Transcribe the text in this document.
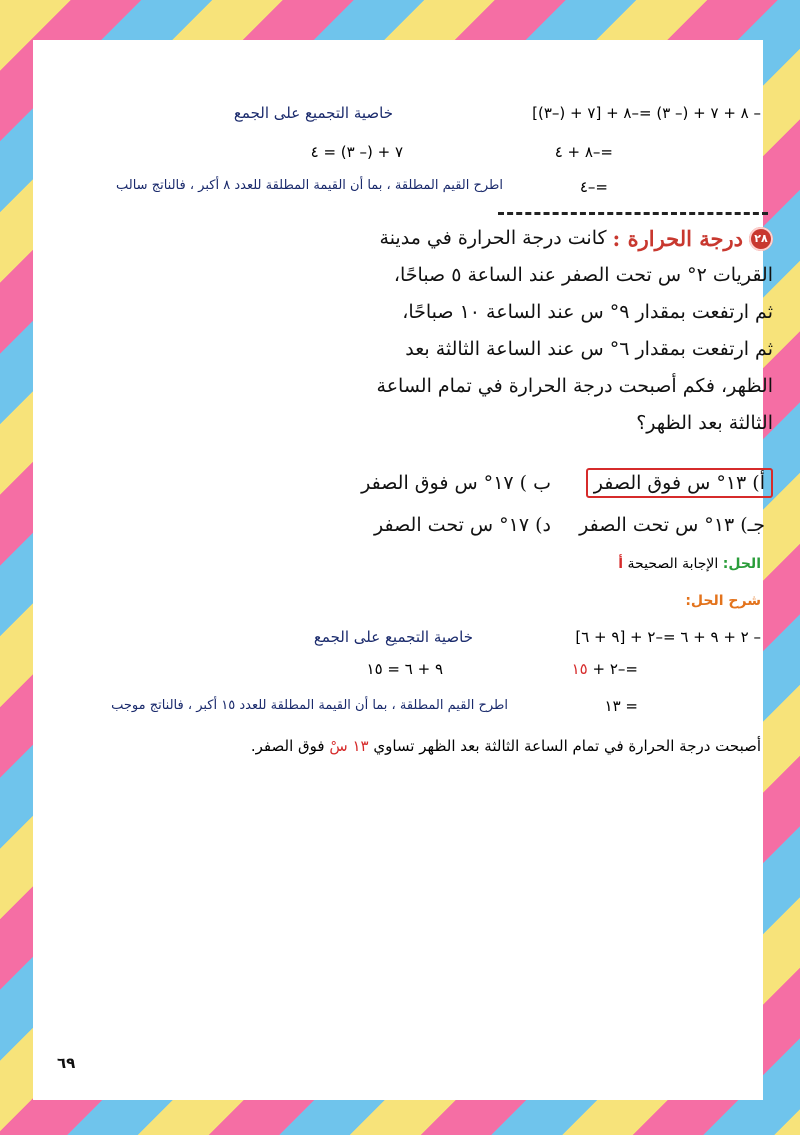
– ٨ + ٧ + (– ٣) =–٨ + [٧ + (–٣)]
خاصية التجميع على الجمع
=–٨ + ٤
٧ + (– ٣) = ٤
=–٤
اطرح القيم المطلقة ، بما أن القيمة المطلقة للعدد ٨ أكبر ، فالناتج سالب
٢٨
درجة الحرارة :
كانت درجة الحرارة في مدينة
القريات ٢° س تحت الصفر عند الساعة ٥ صباحًا،
ثم ارتفعت بمقدار ٩° س عند الساعة ١٠ صباحًا،
ثم ارتفعت بمقدار ٦° س عند الساعة الثالثة بعد
الظهر، فكم أصبحت درجة الحرارة في تمام الساعة
الثالثة بعد الظهر؟
أ) ١٣° س فوق الصفر
ب ) ١٧° س فوق الصفر
جـ) ١٣° س تحت الصفر
د) ١٧° س تحت الصفر
الحل: الإجابة الصحيحة أ
شرح الحل:
– ٢ + ٩ + ٦ =–٢ + [٩ + ٦]
خاصية التجميع على الجمع
=–٢ + ١٥
٩ + ٦ = ١٥
= ١٣
اطرح القيم المطلقة ، بما أن القيمة المطلقة للعدد ١٥ أكبر ، فالناتج موجب
أصبحت درجة الحرارة في تمام الساعة الثالثة بعد الظهر تساوي ١٣ سْ فوق الصفر.
٦٩
